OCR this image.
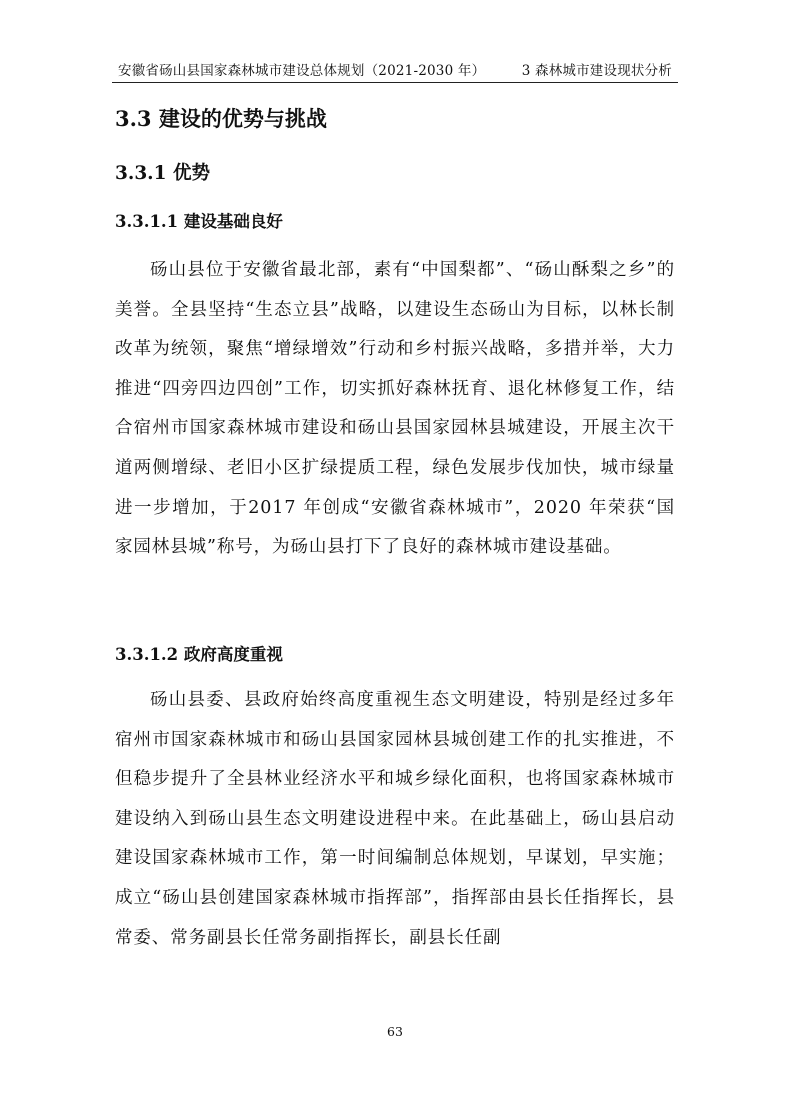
安徽省砀山县国家森林城市建设总体规划（2021-2030 年）	3 森林城市建设现状分析
3.3 建设的优势与挑战
3.3.1 优势
3.3.1.1 建设基础良好

砀山县位于安徽省最北部，素有“中国梨都”、“砀山酥梨之乡”的美誉。全县坚持“生态立县”战略，以建设生态砀山为目标，以林长制改革为统领，聚焦“增绿增效”行动和乡村振兴战略，多措并举，大力推进“四旁四边四创”工作，切实抓好森林抚育、退化林修复工作，结合宿州市国家森林城市建设和砀山县国家园林县城建设，开展主次干道两侧增绿、老旧小区扩绿提质工程，绿色发展步伐加快，城市绿量进一步增加，于2017 年创成“安徽省森林城市”，2020 年荣获“国家园林县城”称号，为砀山县打下了良好的森林城市建设基础。

3.3.1.2 政府高度重视

砀山县委、县政府始终高度重视生态文明建设，特别是经过多年宿州市国家森林城市和砀山县国家园林县城创建工作的扎实推进，不但稳步提升了全县林业经济水平和城乡绿化面积，也将国家森林城市建设纳入到砀山县生态文明建设进程中来。在此基础上，砀山县启动建设国家森林城市工作，第一时间编制总体规划，早谋划，早实施；成立“砀山县创建国家森林城市指挥部”，指挥部由县长任指挥长，县常委、常务副县长任常务副指挥长，副县长任副

63
